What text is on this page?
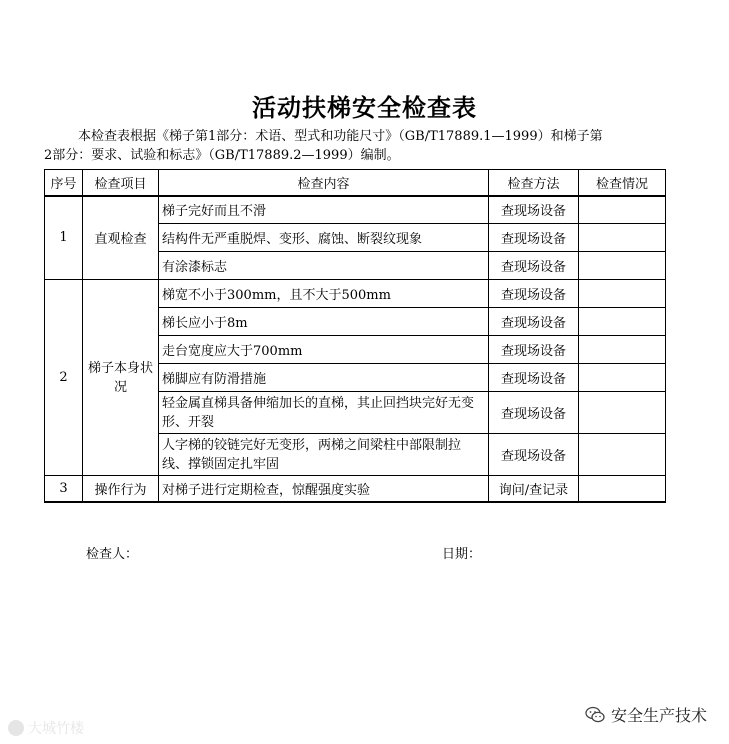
活动扶梯安全检查表
本检查表根据《梯子第1部分：术语、型式和功能尺寸》（GB/T17889.1—1999）和梯子第
2部分：要求、试验和标志》（GB/T17889.2—1999）编制。
序号	检查项目	检查内容	检查方法	检查情况
1	直观检查	梯子完好而且不滑	查现场设备	
		结构件无严重脱焊、变形、腐蚀、断裂纹现象	查现场设备	
		有涂漆标志	查现场设备	
2	梯子本身状况	梯宽不小于300mm，且不大于500mm	查现场设备	
		梯长应小于8m	查现场设备	
		走台宽度应大于700mm	查现场设备	
		梯脚应有防滑措施	查现场设备	
		轻金属直梯具备伸缩加长的直梯，其止回挡块完好无变形、开裂	查现场设备	
		人字梯的铰链完好无变形，两梯之间梁柱中部限制拉线、撑锁固定扎牢固	查现场设备	
3	操作行为	对梯子进行定期检查，惊醒强度实验	询问/查记录	
检查人：	日期：
大城竹楼
安全生产技术
